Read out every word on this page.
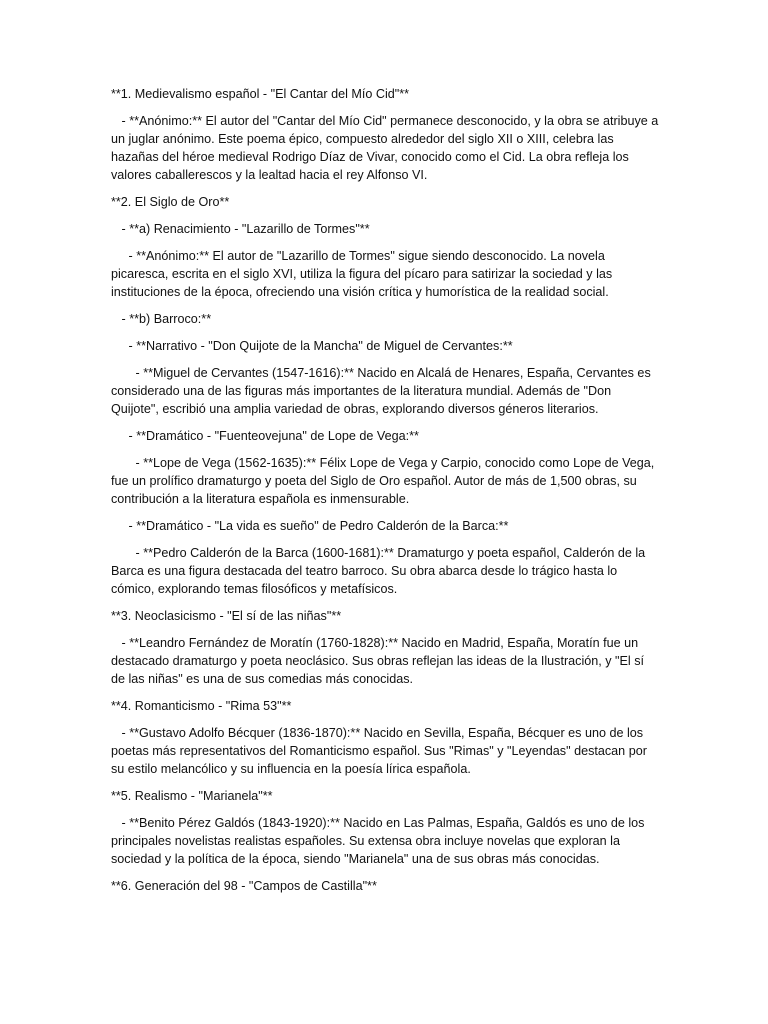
**1. Medievalismo español - "El Cantar del Mío Cid"**

- **Anónimo:** El autor del "Cantar del Mío Cid" permanece desconocido, y la obra se atribuye a un juglar anónimo. Este poema épico, compuesto alrededor del siglo XII o XIII, celebra las hazañas del héroe medieval Rodrigo Díaz de Vivar, conocido como el Cid. La obra refleja los valores caballerescos y la lealtad hacia el rey Alfonso VI.

**2. El Siglo de Oro**

- **a) Renacimiento - "Lazarillo de Tormes"**

- **Anónimo:** El autor de "Lazarillo de Tormes" sigue siendo desconocido. La novela picaresca, escrita en el siglo XVI, utiliza la figura del pícaro para satirizar la sociedad y las instituciones de la época, ofreciendo una visión crítica y humorística de la realidad social.

- **b) Barroco:**

- **Narrativo - "Don Quijote de la Mancha" de Miguel de Cervantes:**

- **Miguel de Cervantes (1547-1616):** Nacido en Alcalá de Henares, España, Cervantes es considerado una de las figuras más importantes de la literatura mundial. Además de "Don Quijote", escribió una amplia variedad de obras, explorando diversos géneros literarios.

- **Dramático - "Fuenteovejuna" de Lope de Vega:**

- **Lope de Vega (1562-1635):** Félix Lope de Vega y Carpio, conocido como Lope de Vega, fue un prolífico dramaturgo y poeta del Siglo de Oro español. Autor de más de 1,500 obras, su contribución a la literatura española es inmensurable.

- **Dramático - "La vida es sueño" de Pedro Calderón de la Barca:**

- **Pedro Calderón de la Barca (1600-1681):** Dramaturgo y poeta español, Calderón de la Barca es una figura destacada del teatro barroco. Su obra abarca desde lo trágico hasta lo cómico, explorando temas filosóficos y metafísicos.

**3. Neoclasicismo - "El sí de las niñas"**

- **Leandro Fernández de Moratín (1760-1828):** Nacido en Madrid, España, Moratín fue un destacado dramaturgo y poeta neoclásico. Sus obras reflejan las ideas de la Ilustración, y "El sí de las niñas" es una de sus comedias más conocidas.

**4. Romanticismo - "Rima 53"**

- **Gustavo Adolfo Bécquer (1836-1870):** Nacido en Sevilla, España, Bécquer es uno de los poetas más representativos del Romanticismo español. Sus "Rimas" y "Leyendas" destacan por su estilo melancólico y su influencia en la poesía lírica española.

**5. Realismo - "Marianela"**

- **Benito Pérez Galdós (1843-1920):** Nacido en Las Palmas, España, Galdós es uno de los principales novelistas realistas españoles. Su extensa obra incluye novelas que exploran la sociedad y la política de la época, siendo "Marianela" una de sus obras más conocidas.

**6. Generación del 98 - "Campos de Castilla"**
